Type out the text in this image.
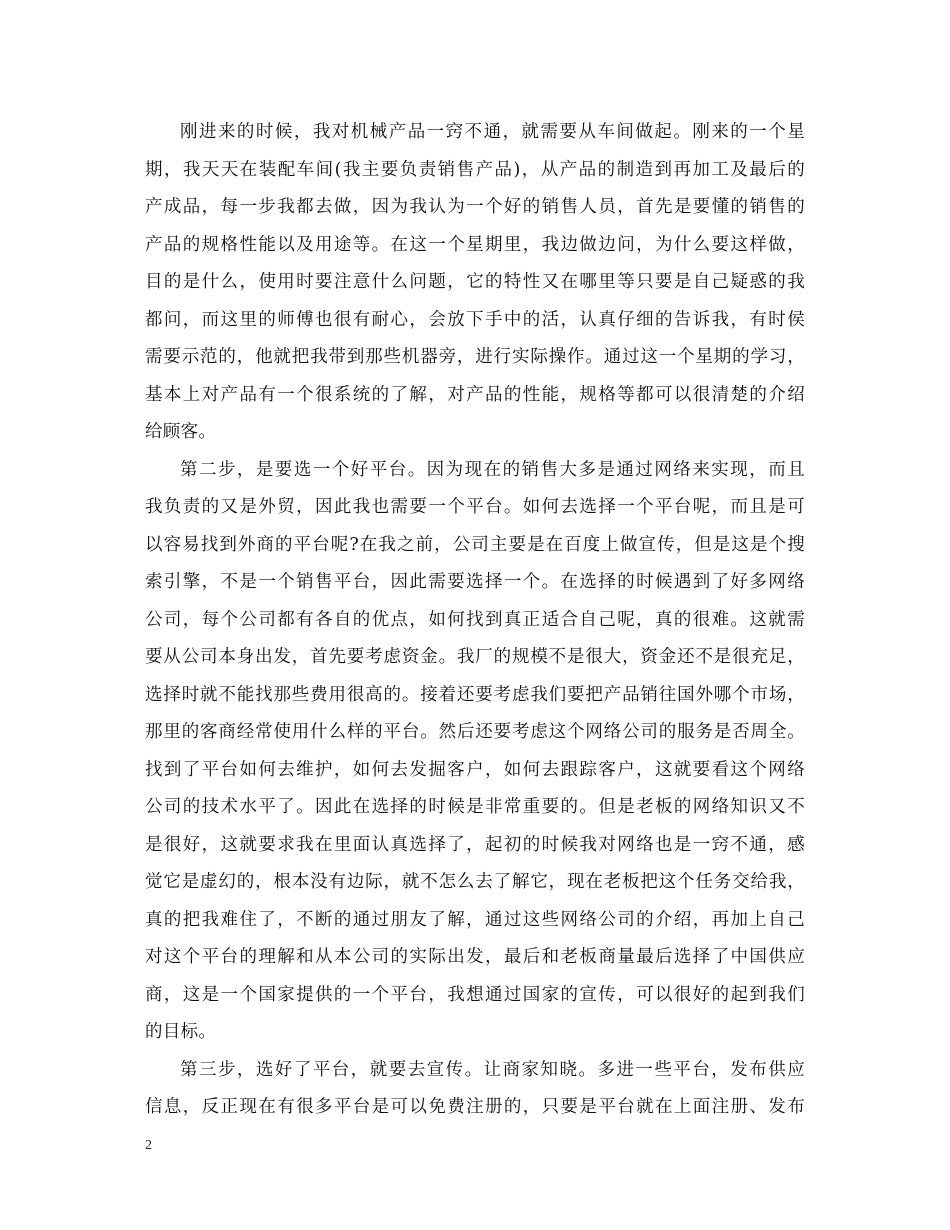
刚进来的时候，我对机械产品一窍不通，就需要从车间做起。刚来的一个星
期，我天天在装配车间(我主要负责销售产品)，从产品的制造到再加工及最后的
产成品，每一步我都去做，因为我认为一个好的销售人员，首先是要懂的销售的
产品的规格性能以及用途等。在这一个星期里，我边做边问，为什么要这样做，
目的是什么，使用时要注意什么问题，它的特性又在哪里等只要是自己疑惑的我
都问，而这里的师傅也很有耐心，会放下手中的活，认真仔细的告诉我，有时侯
需要示范的，他就把我带到那些机器旁，进行实际操作。通过这一个星期的学习，
基本上对产品有一个很系统的了解，对产品的性能，规格等都可以很清楚的介绍
给顾客。
第二步，是要选一个好平台。因为现在的销售大多是通过网络来实现，而且
我负责的又是外贸，因此我也需要一个平台。如何去选择一个平台呢，而且是可
以容易找到外商的平台呢?在我之前，公司主要是在百度上做宣传，但是这是个搜
索引擎，不是一个销售平台，因此需要选择一个。在选择的时候遇到了好多网络
公司，每个公司都有各自的优点，如何找到真正适合自己呢，真的很难。这就需
要从公司本身出发，首先要考虑资金。我厂的规模不是很大，资金还不是很充足，
选择时就不能找那些费用很高的。接着还要考虑我们要把产品销往国外哪个市场，
那里的客商经常使用什么样的平台。然后还要考虑这个网络公司的服务是否周全。
找到了平台如何去维护，如何去发掘客户，如何去跟踪客户，这就要看这个网络
公司的技术水平了。因此在选择的时候是非常重要的。但是老板的网络知识又不
是很好，这就要求我在里面认真选择了，起初的时候我对网络也是一窍不通，感
觉它是虚幻的，根本没有边际，就不怎么去了解它，现在老板把这个任务交给我，
真的把我难住了，不断的通过朋友了解，通过这些网络公司的介绍，再加上自己
对这个平台的理解和从本公司的实际出发，最后和老板商量最后选择了中国供应
商，这是一个国家提供的一个平台，我想通过国家的宣传，可以很好的起到我们
的目标。
第三步，选好了平台，就要去宣传。让商家知晓。多进一些平台，发布供应
信息，反正现在有很多平台是可以免费注册的，只要是平台就在上面注册、发布
2
